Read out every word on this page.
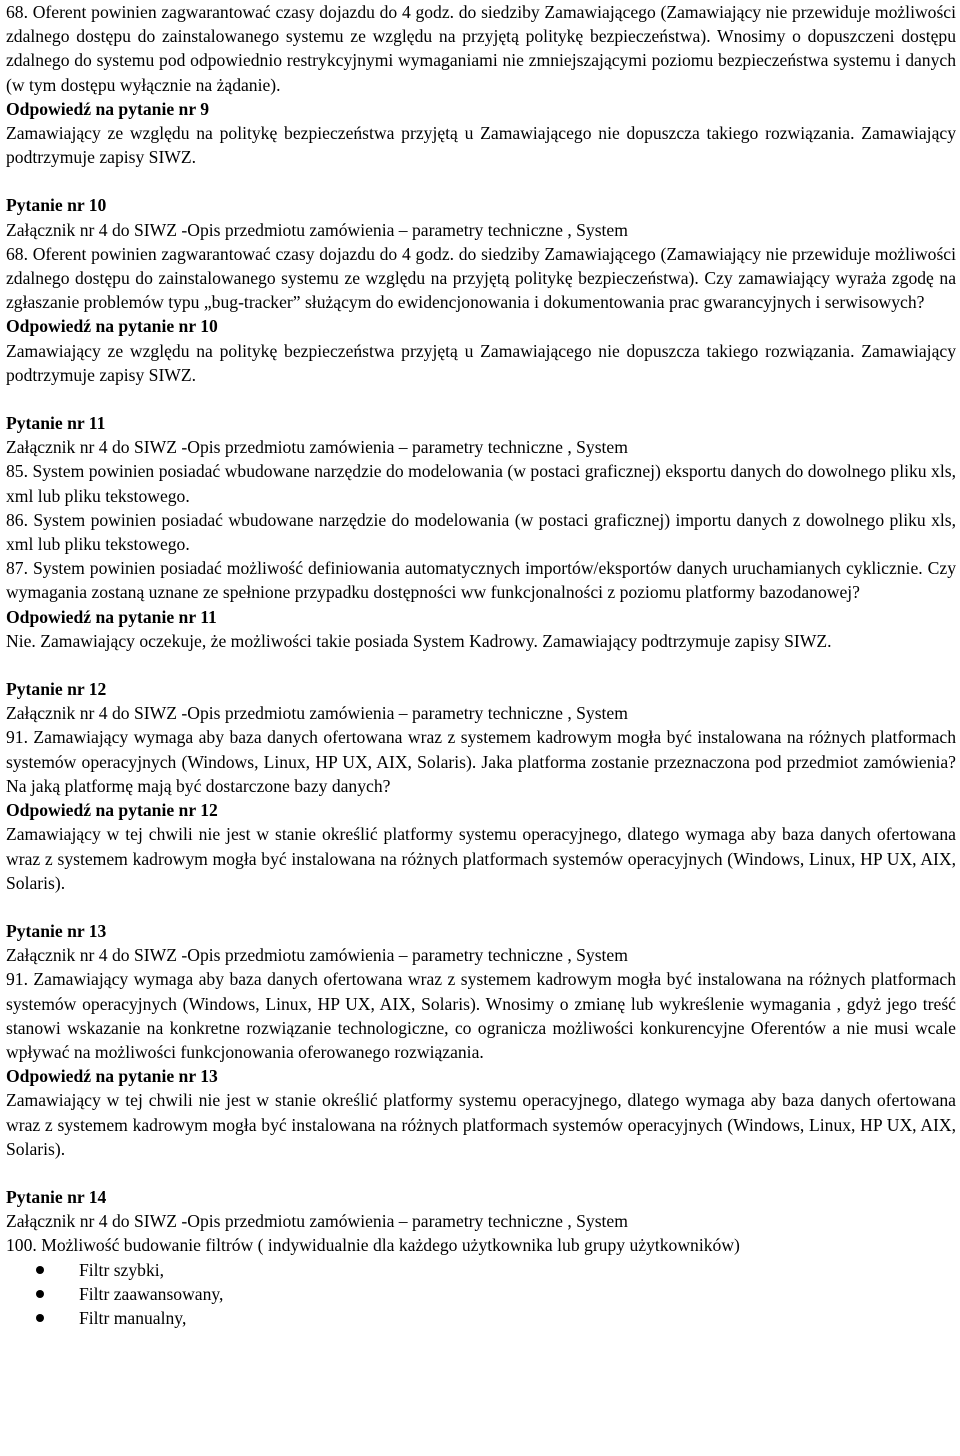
68. Oferent powinien zagwarantować czasy dojazdu do 4 godz. do siedziby Zamawiającego (Zamawiający nie przewiduje możliwości zdalnego dostępu do zainstalowanego systemu ze względu na przyjętą politykę bezpieczeństwa). Wnosimy o dopuszczeni dostępu zdalnego do systemu pod odpowiednio restrykcyjnymi wymaganiami nie zmniejszającymi poziomu bezpieczeństwa systemu i danych (w tym dostępu wyłącznie na żądanie).

Odpowiedź na pytanie nr 9

Zamawiający ze względu na politykę bezpieczeństwa przyjętą u Zamawiającego nie dopuszcza takiego rozwiązania. Zamawiający podtrzymuje zapisy SIWZ.

Pytanie nr 10

Załącznik nr 4 do SIWZ -Opis przedmiotu zamówienia – parametry techniczne , System

68. Oferent powinien zagwarantować czasy dojazdu do 4 godz. do siedziby Zamawiającego (Zamawiający nie przewiduje możliwości zdalnego dostępu do zainstalowanego systemu ze względu na przyjętą politykę bezpieczeństwa). Czy zamawiający wyraża zgodę na zgłaszanie problemów typu „bug-tracker” służącym do ewidencjonowania i dokumentowania prac gwarancyjnych i serwisowych?

Odpowiedź na pytanie nr 10

Zamawiający ze względu na politykę bezpieczeństwa przyjętą u Zamawiającego nie dopuszcza takiego rozwiązania. Zamawiający podtrzymuje zapisy SIWZ.

Pytanie nr 11

Załącznik nr 4 do SIWZ -Opis przedmiotu zamówienia – parametry techniczne , System

85. System powinien posiadać wbudowane narzędzie do modelowania (w postaci graficznej) eksportu danych do dowolnego pliku xls, xml lub pliku tekstowego.

86. System powinien posiadać wbudowane narzędzie do modelowania (w postaci graficznej) importu danych z dowolnego pliku xls, xml lub pliku tekstowego.

87. System powinien posiadać możliwość definiowania automatycznych importów/eksportów danych uruchamianych cyklicznie. Czy wymagania zostaną uznane ze spełnione przypadku dostępności ww funkcjonalności z poziomu platformy bazodanowej?

Odpowiedź na pytanie nr 11

Nie. Zamawiający oczekuje, że możliwości takie posiada System Kadrowy. Zamawiający podtrzymuje zapisy SIWZ.

Pytanie nr 12

Załącznik nr 4 do SIWZ -Opis przedmiotu zamówienia – parametry techniczne , System

91. Zamawiający wymaga aby baza danych ofertowana wraz z systemem kadrowym mogła być instalowana na różnych platformach systemów operacyjnych (Windows, Linux, HP UX, AIX, Solaris). Jaka platforma zostanie przeznaczona pod przedmiot zamówienia? Na jaką platformę mają być dostarczone bazy danych?

Odpowiedź na pytanie nr 12

Zamawiający w tej chwili nie jest w stanie określić platformy systemu operacyjnego, dlatego wymaga aby baza danych ofertowana wraz z systemem kadrowym mogła być instalowana na różnych platformach systemów operacyjnych (Windows, Linux, HP UX, AIX, Solaris).

Pytanie nr 13

Załącznik nr 4 do SIWZ -Opis przedmiotu zamówienia – parametry techniczne , System

91. Zamawiający wymaga aby baza danych ofertowana wraz z systemem kadrowym mogła być instalowana na różnych platformach systemów operacyjnych (Windows, Linux, HP UX, AIX, Solaris). Wnosimy o zmianę lub wykreślenie wymagania , gdyż jego treść stanowi wskazanie na konkretne rozwiązanie technologiczne, co ogranicza możliwości konkurencyjne Oferentów a nie musi wcale wpływać na możliwości funkcjonowania oferowanego rozwiązania.

Odpowiedź na pytanie nr 13

Zamawiający w tej chwili nie jest w stanie określić platformy systemu operacyjnego, dlatego wymaga aby baza danych ofertowana wraz z systemem kadrowym mogła być instalowana na różnych platformach systemów operacyjnych (Windows, Linux, HP UX, AIX, Solaris).

Pytanie nr 14

Załącznik nr 4 do SIWZ -Opis przedmiotu zamówienia – parametry techniczne , System

100. Możliwość budowanie filtrów ( indywidualnie dla każdego użytkownika lub grupy użytkowników)

Filtr szybki,
Filtr zaawansowany,
Filtr manualny,
